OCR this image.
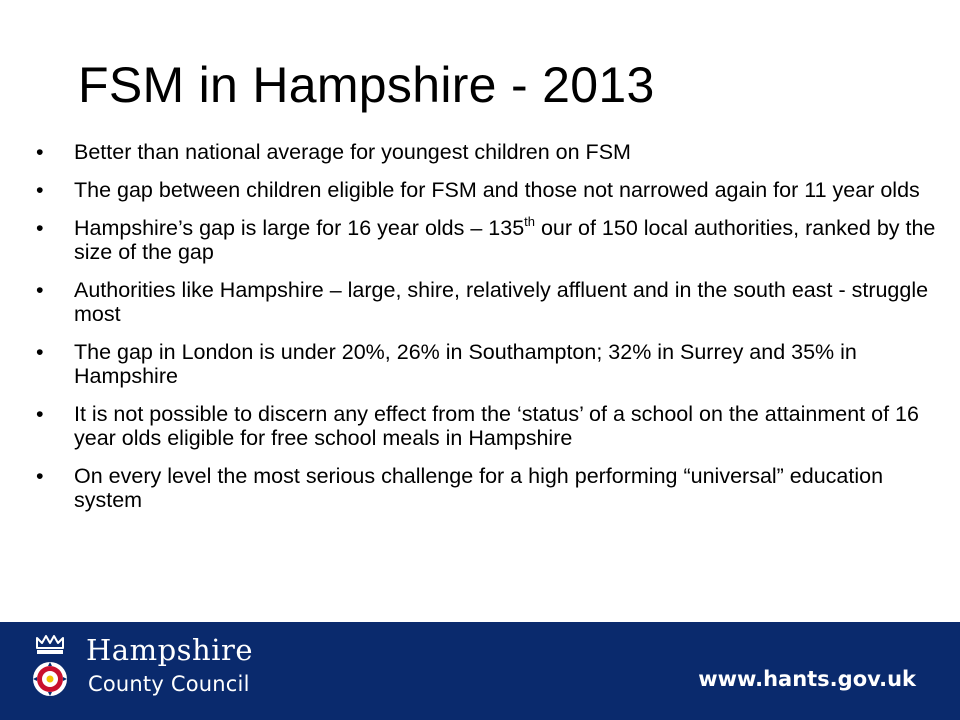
FSM in Hampshire - 2013
• Better than national average for youngest children on FSM
• The gap between children eligible for FSM and those not narrowed again for 11 year olds
• Hampshire’s gap is large for 16 year olds – 135th our of 150 local authorities, ranked by the size of the gap
• Authorities like Hampshire – large, shire, relatively affluent and in the south east - struggle most
• The gap in London is under 20%, 26% in Southampton; 32% in Surrey and 35% in Hampshire
• It is not possible to discern any effect from the ‘status’ of a school on the attainment of 16 year olds eligible for free school meals in Hampshire
• On every level the most serious challenge for a high performing “universal” education system
Hampshire
County Council	www.hants.gov.uk
